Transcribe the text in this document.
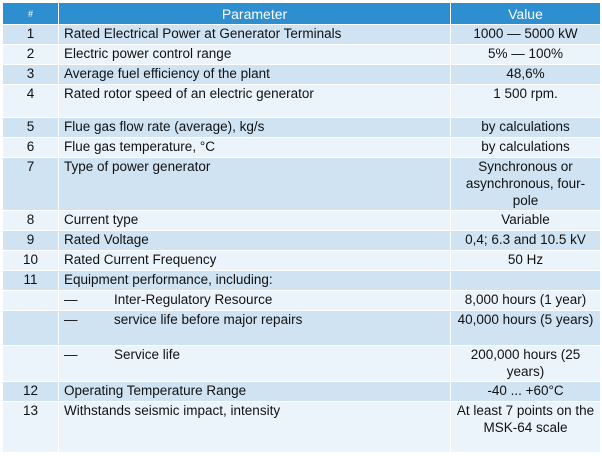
#	Parameter	Value
1	Rated Electrical Power at Generator Terminals	1000 — 5000 kW
2	Electric power control range	5% — 100%
3	Average fuel efficiency of the plant	48,6%
4	Rated rotor speed of an electric generator	1 500 rpm.
5	Flue gas flow rate (average), kg/s	by calculations
6	Flue gas temperature, °C	by calculations
7	Type of power generator	Synchronous or asynchronous, four-pole
8	Current type	Variable
9	Rated Voltage	0,4; 6.3 and 10.5 kV
10	Rated Current Frequency	50 Hz
11	Equipment performance, including:	
	— Inter-Regulatory Resource	8,000 hours (1 year)
	— service life before major repairs	40,000 hours (5 years)
	— Service life	200,000 hours (25 years)
12	Operating Temperature Range	-40 ... +60°C
13	Withstands seismic impact, intensity	At least 7 points on the MSK-64 scale
